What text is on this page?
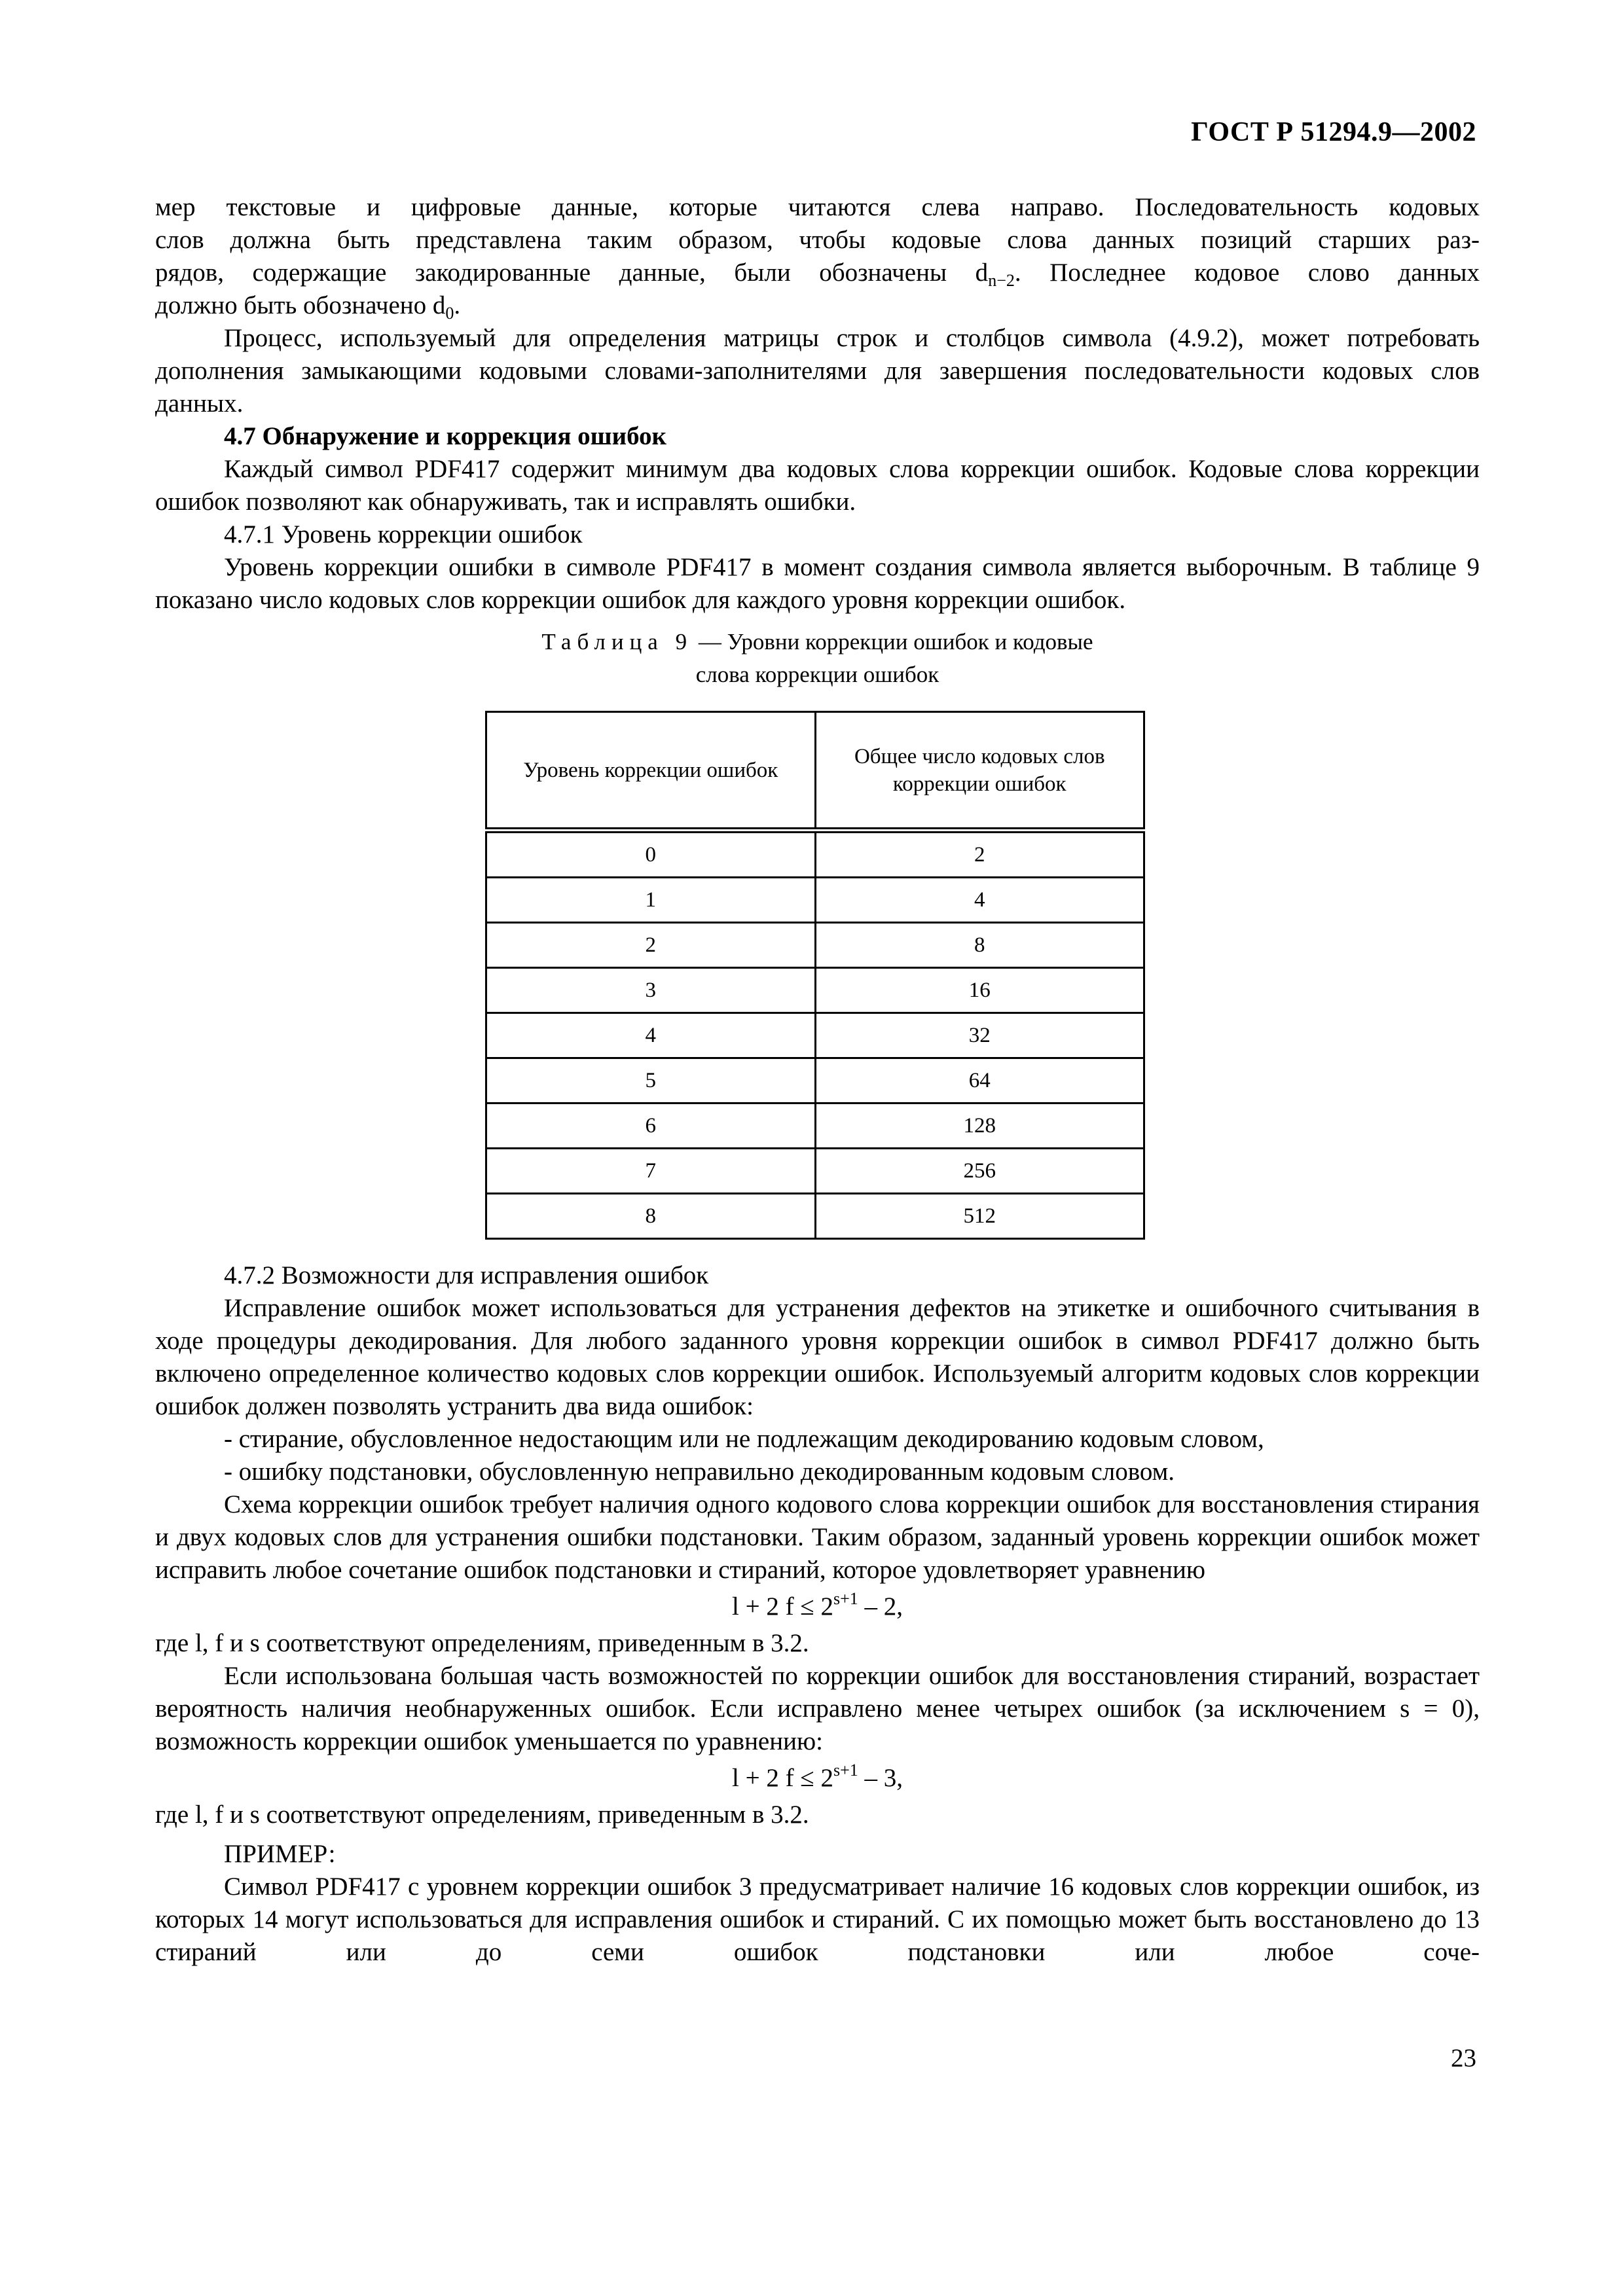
ГОСТ Р 51294.9—2002

мер текстовые и цифровые данные, которые читаются слева направо. Последовательность кодовых
слов должна быть представлена таким образом, чтобы кодовые слова данных позиций старших раз-
рядов, содержащие закодированные данные, были обозначены $d_{n-2}$. Последнее кодовое слово данных
должно быть обозначено $d_0$.

Процесс, используемый для определения матрицы строк и столбцов символа (4.9.2), может потребовать дополнения замыкающими кодовыми словами-заполнителями для завершения последовательности кодовых слов данных.

4.7 Обнаружение и коррекция ошибок

Каждый символ PDF417 содержит минимум два кодовых слова коррекции ошибок. Кодовые слова коррекции ошибок позволяют как обнаруживать, так и исправлять ошибки.

4.7.1 Уровень коррекции ошибок

Уровень коррекции ошибки в символе PDF417 в момент создания символа является выборочным. В таблице 9 показано число кодовых слов коррекции ошибок для каждого уровня коррекции ошибок.

Таблица 9 — Уровни коррекции ошибок и кодовые
слова коррекции ошибок
Уровень коррекции ошибок	Общее число кодовых слов коррекции ошибок
0	2
1	4
2	8
3	16
4	32
5	64
6	128
7	256
8	512

4.7.2 Возможности для исправления ошибок

Исправление ошибок может использоваться для устранения дефектов на этикетке и ошибочного считывания в ходе процедуры декодирования. Для любого заданного уровня коррекции ошибок в символ PDF417 должно быть включено определенное количество кодовых слов коррекции ошибок. Используемый алгоритм кодовых слов коррекции ошибок должен позволять устранить два вида ошибок:

- стирание, обусловленное недостающим или не подлежащим декодированию кодовым словом,

- ошибку подстановки, обусловленную неправильно декодированным кодовым словом.

Схема коррекции ошибок требует наличия одного кодового слова коррекции ошибок для восстановления стирания и двух кодовых слов для устранения ошибки подстановки. Таким образом, заданный уровень коррекции ошибок может исправить любое сочетание ошибок подстановки и стираний, которое удовлетворяет уравнению

l + 2 $f \le 2^{s+1} - 2$,

где l, f и s соответствуют определениям, приведенным в 3.2.

Если использована большая часть возможностей по коррекции ошибок для восстановления стираний, возрастает вероятность наличия необнаруженных ошибок. Если исправлено менее четырех ошибок (за исключением s = 0), возможность коррекции ошибок уменьшается по уравнению:

l + 2 $f \le 2^{s+1} - 3$,

где l, f и s соответствуют определениям, приведенным в 3.2.

ПРИМЕР:

Символ PDF417 с уровнем коррекции ошибок 3 предусматривает наличие 16 кодовых слов коррекции ошибок, из которых 14 могут использоваться для исправления ошибок и стираний. С их помощью может быть восстановлено до 13 стираний или до семи ошибок подстановки или любое соче-

23
